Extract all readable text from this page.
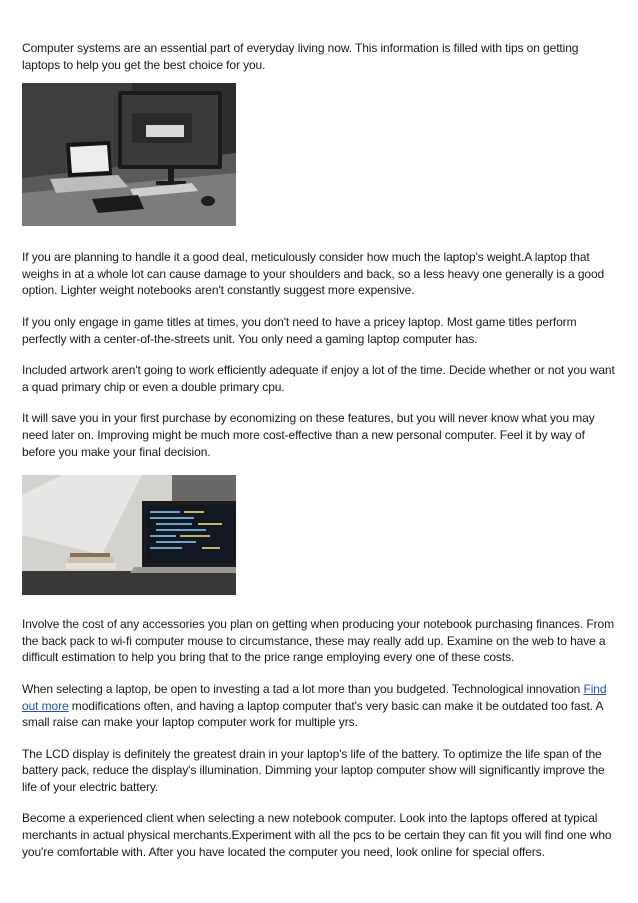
Computer systems are an essential part of everyday living now. This information is filled with tips on getting laptops to help you get the best choice for you.

If you are planning to handle it a good deal, meticulously consider how much the laptop's weight.A laptop that weighs in at a whole lot can cause damage to your shoulders and back, so a less heavy one generally is a good option. Lighter weight notebooks aren't constantly suggest more expensive.

If you only engage in game titles at times, you don't need to have a pricey laptop. Most game titles perform perfectly with a center-of-the-streets unit. You only need a gaming laptop computer has.

Included artwork aren't going to work efficiently adequate if enjoy a lot of the time. Decide whether or not you want a quad primary chip or even a double primary cpu.

It will save you in your first purchase by economizing on these features, but you will never know what you may need later on. Improving might be much more cost-effective than a new personal computer. Feel it by way of before you make your final decision.

Involve the cost of any accessories you plan on getting when producing your notebook purchasing finances. From the back pack to wi-fi computer mouse to circumstance, these may really add up. Examine on the web to have a difficult estimation to help you bring that to the price range employing every one of these costs.

When selecting a laptop, be open to investing a tad a lot more than you budgeted. Technological innovation Find out more modifications often, and having a laptop computer that's very basic can make it be outdated too fast. A small raise can make your laptop computer work for multiple yrs.

The LCD display is definitely the greatest drain in your laptop's life of the battery. To optimize the life span of the battery pack, reduce the display's illumination. Dimming your laptop computer show will significantly improve the life of your electric battery.

Become a experienced client when selecting a new notebook computer. Look into the laptops offered at typical merchants in actual physical merchants.Experiment with all the pcs to be certain they can fit you will find one who you're comfortable with. After you have located the computer you need, look online for special offers.
